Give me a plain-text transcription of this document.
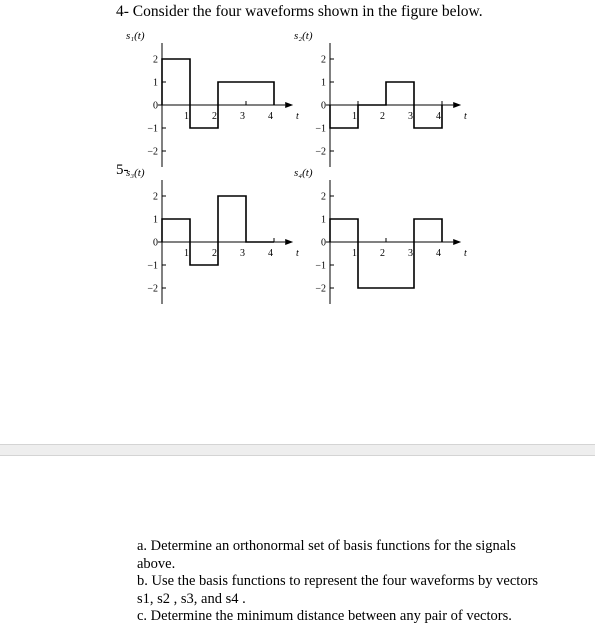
4- Consider the four waveforms shown in the figure below.
5-
2
1
0
−1
−2
1 2 3 4 t
s₁(t)
2
1
0
−1
−2
1 2 3 4 t
s₂(t)
2
1
0
−1
−2
1 2 3 4 t
s₃(t)
2
1
0
−1
−2
1 2 3 4 t
s₄(t)

a. Determine an orthonormal set of basis functions for the signals above.

b. Use the basis functions to represent the four waveforms by vectors s1, s2 , s3, and s4 .

c. Determine the minimum distance between any pair of vectors.
